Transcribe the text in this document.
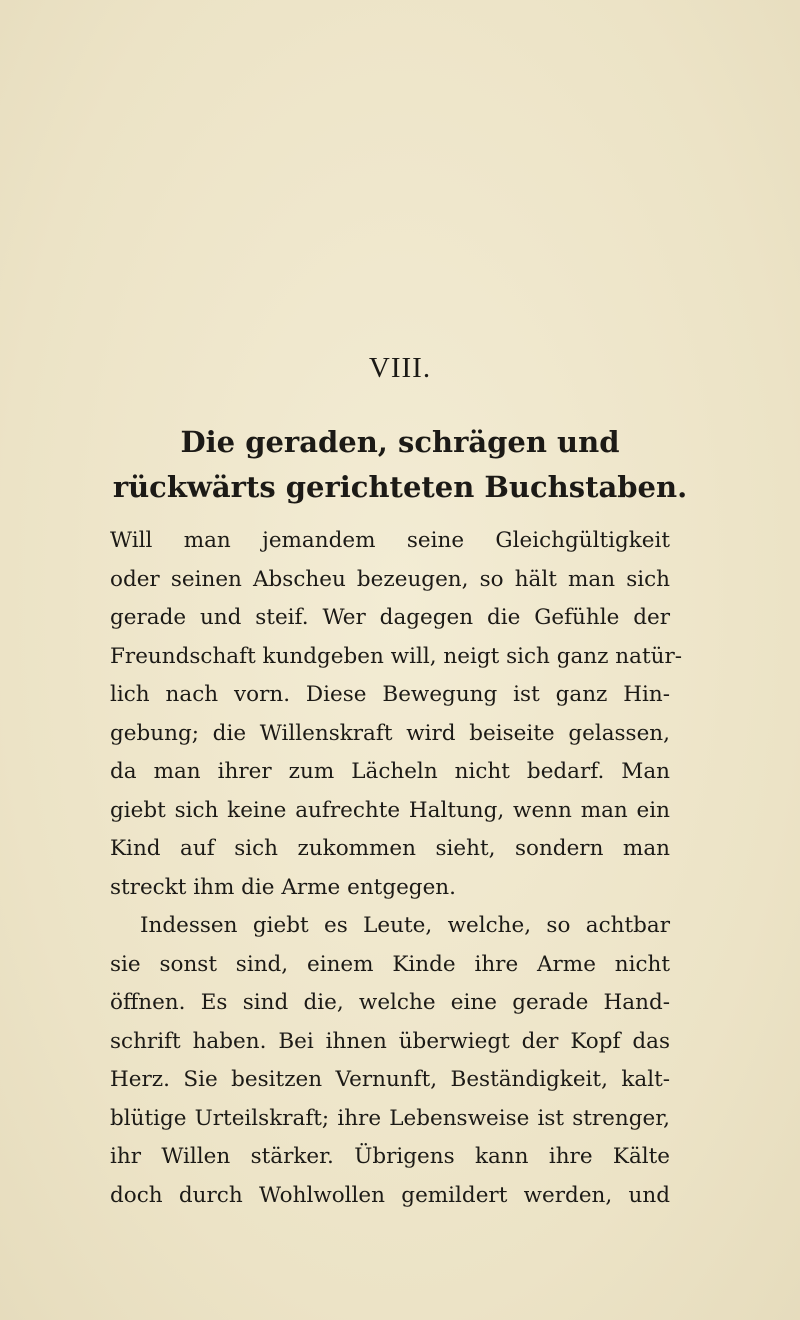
VIII.
Die geraden, schrägen und
rückwärts gerichteten Buchstaben.
Will man jemandem seine Gleichgültigkeit
oder seinen Abscheu bezeugen, so hält man sich
gerade und steif. Wer dagegen die Gefühle der
Freundschaft kundgeben will, neigt sich ganz natür-
lich nach vorn. Diese Bewegung ist ganz Hin-
gebung; die Willenskraft wird beiseite gelassen,
da man ihrer zum Lächeln nicht bedarf. Man
giebt sich keine aufrechte Haltung, wenn man ein
Kind auf sich zukommen sieht, sondern man
streckt ihm die Arme entgegen.
Indessen giebt es Leute, welche, so achtbar
sie sonst sind, einem Kinde ihre Arme nicht
öffnen. Es sind die, welche eine gerade Hand-
schrift haben. Bei ihnen überwiegt der Kopf das
Herz. Sie besitzen Vernunft, Beständigkeit, kalt-
blütige Urteilskraft; ihre Lebensweise ist strenger,
ihr Willen stärker. Übrigens kann ihre Kälte
doch durch Wohlwollen gemildert werden, und
